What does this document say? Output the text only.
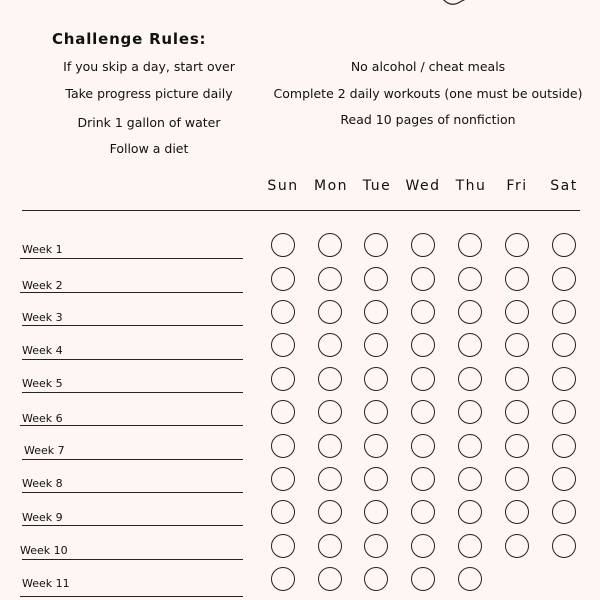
Challenge Rules:
If you skip a day, start over
Take progress picture daily
Drink 1 gallon of water
Follow a diet
No alcohol / cheat meals
Complete 2 daily workouts (one must be outside)
Read 10 pages of nonfiction
Sun Mon Tue Wed Thu Fri Sat
Week 1
Week 2
Week 3
Week 4
Week 5
Week 6
Week 7
Week 8
Week 9
Week 10
Week 11
